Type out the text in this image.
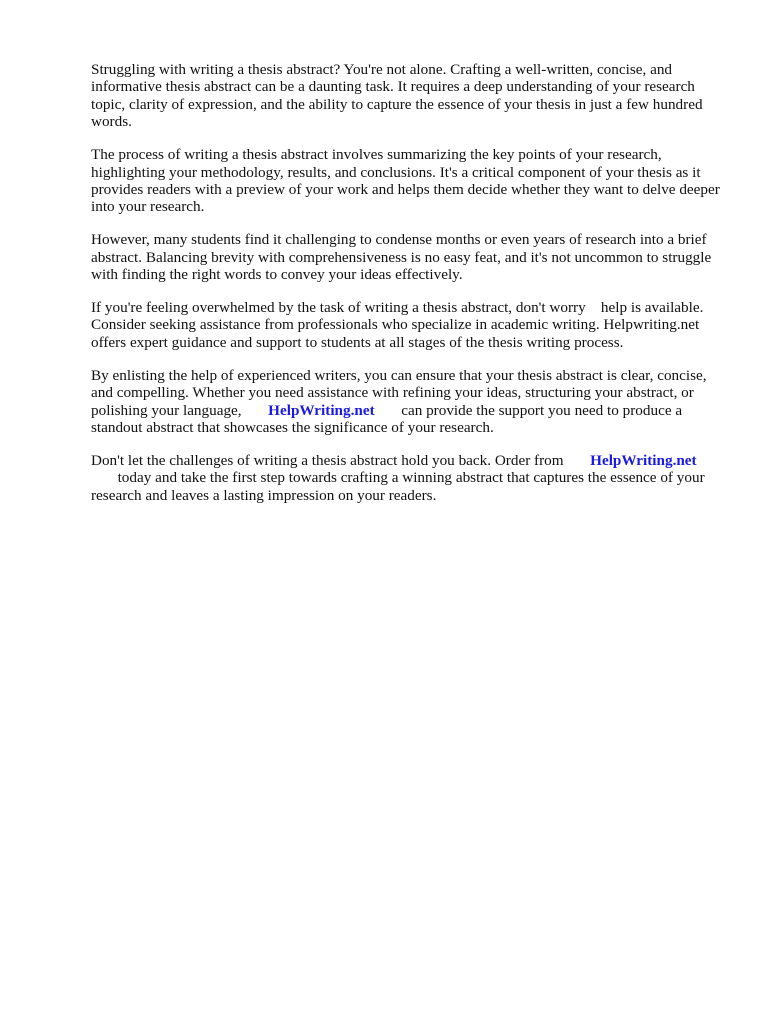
Struggling with writing a thesis abstract? You're not alone. Crafting a well-written, concise, and informative thesis abstract can be a daunting task. It requires a deep understanding of your research topic, clarity of expression, and the ability to capture the essence of your thesis in just a few hundred words.

The process of writing a thesis abstract involves summarizing the key points of your research, highlighting your methodology, results, and conclusions. It's a critical component of your thesis as it provides readers with a preview of your work and helps them decide whether they want to delve deeper into your research.

However, many students find it challenging to condense months or even years of research into a brief abstract. Balancing brevity with comprehensiveness is no easy feat, and it's not uncommon to struggle with finding the right words to convey your ideas effectively.

If you're feeling overwhelmed by the task of writing a thesis abstract, don't worry help is available. Consider seeking assistance from professionals who specialize in academic writing. Helpwriting.net offers expert guidance and support to students at all stages of the thesis writing process.

By enlisting the help of experienced writers, you can ensure that your thesis abstract is clear, concise, and compelling. Whether you need assistance with refining your ideas, structuring your abstract, or polishing your language, HelpWriting.net can provide the support you need to produce a standout abstract that showcases the significance of your research.

Don't let the challenges of writing a thesis abstract hold you back. Order from HelpWriting.net       today and take the first step towards crafting a winning abstract that captures the essence of your research and leaves a lasting impression on your readers.
